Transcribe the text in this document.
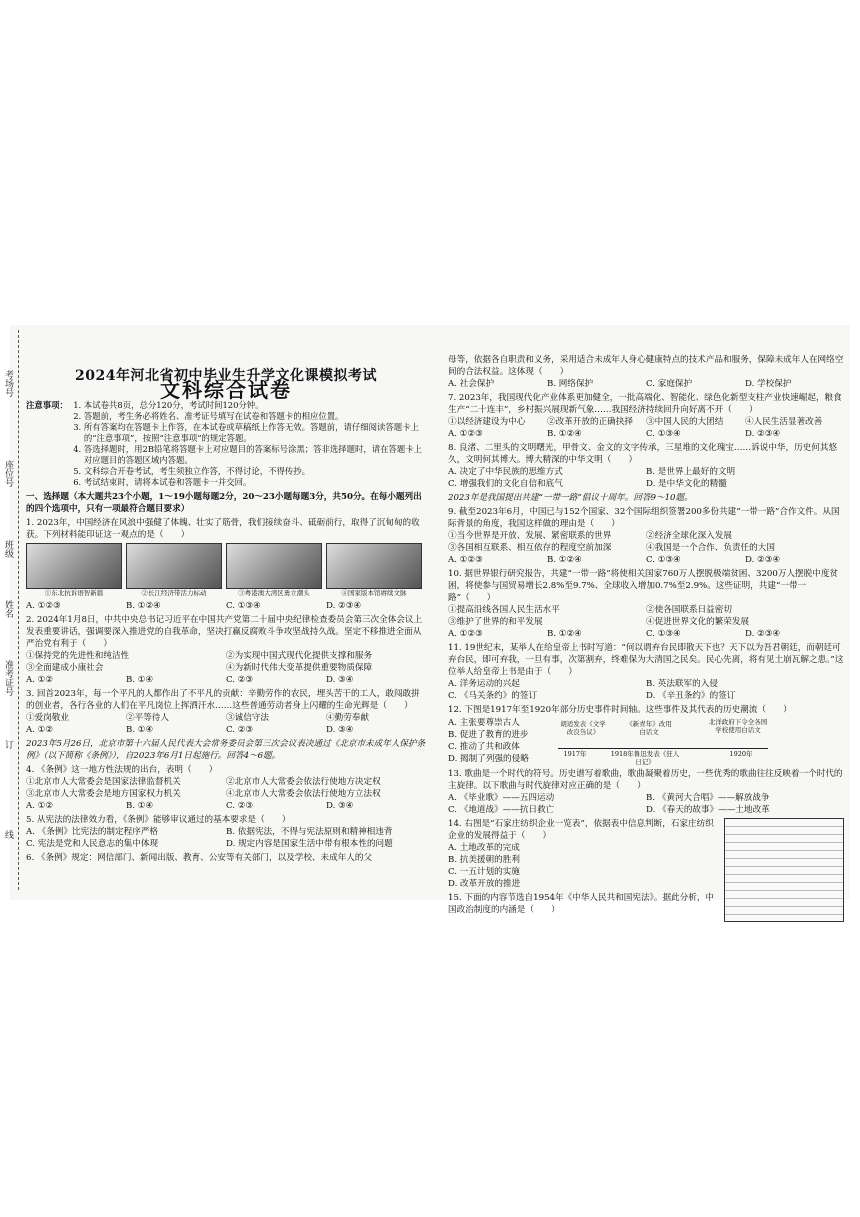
考场号
座位号
班级
姓名
准考证号
订
线
2024年河北省初中毕业生升学文化课模拟考试
文科综合试卷
注意事项：
1. 本试卷共8页，总分120分，考试时间120分钟。
2. 答题前，考生务必将姓名、准考证号填写在试卷和答题卡的相应位置。
3. 所有答案均在答题卡上作答，在本试卷或草稿纸上作答无效。答题前，请仔细阅读答题卡上的“注意事项”，按照“注意事项”的规定答题。
4. 答选择题时，用2B铅笔将答题卡上对应题目的答案标号涂黑；答非选择题时，请在答题卡上对应题目的答题区域内答题。
5. 文科综合开卷考试，考生须独立作答，不得讨论，不得传抄。
6. 考试结束时，请将本试卷和答题卡一并交回。
一、选择题（本大题共23个小题，1～19小题每题2分，20～23小题每题3分，共50分。在每小题列出的四个选项中，只有一项最符合题目要求）
1. 2023年，中国经济在风浪中强健了体魄、壮实了筋骨，我们接续奋斗、砥砺前行，取得了沉甸甸的收获。下列材料能印证这一观点的是（　　）
①东北抗诉语智新篇	②长江经济带活力标动	③粤港澳大湾区勇立潮头	④国家版本馆赓续文脉
A. ①②③	B. ①②④	C. ①③④	D. ②③④
2. 2024年1月8日，中共中央总书记习近平在中国共产党第二十届中央纪律检查委员会第三次全体会议上发表重要讲话，强调要深入推进党的自我革命，坚决打赢反腐败斗争攻坚战持久战。坚定不移推进全面从严治党有利于（　　）
①保持党的先进性和纯洁性	②为实现中国式现代化提供支撑和服务
③全面建成小康社会	④为新时代伟大变革提供重要物质保障
A. ①②	B. ①④	C. ②③	D. ③④
3. 回首2023年，每一个平凡的人都作出了不平凡的贡献：辛勤劳作的农民，埋头苦干的工人，敢闯敢拼的创业者，各行各业的人们在平凡岗位上挥洒汗水……这些普通劳动者身上闪耀的生命光辉是（　　）
①爱岗敬业	②平等待人	③诚信守法	④勤劳奉献
A. ①②	B. ①④	C. ②③	D. ③④
2023年5月26日，北京市第十六届人民代表大会常务委员会第三次会议表决通过《北京市未成年人保护条例》（以下简称《条例》），自2023年6月1日起施行。回答4～6题。
4. 《条例》这一地方性法规的出台，表明（　　）
①北京市人大常委会是国家法律监督机关	②北京市人大常委会依法行使地方决定权
③北京市人大常委会是地方国家权力机关	④北京市人大常委会依法行使地方立法权
A. ①②	B. ①④	C. ②③	D. ③④
5. 从宪法的法律效力看，《条例》能够审议通过的基本要求是（　　）
A. 《条例》比宪法的制定程序严格	B. 依据宪法，不得与宪法原则和精神相违背
C. 宪法是党和人民意志的集中体现	D. 规定内容是国家生活中带有根本性的问题
6. 《条例》规定：网信部门、新闻出版、教育、公安等有关部门，以及学校、未成年人的父
母等，依据各自职责和义务，采用适合未成年人身心健康特点的技术产品和服务，保障未成年人在网络空间的合法权益。这体现（　　）
A. 社会保护	B. 网络保护	C. 家庭保护	D. 学校保护
7. 2023年，我国现代化产业体系更加健全，一批高端化、智能化、绿色化新型支柱产业快速崛起，粮食生产“二十连丰”，乡村振兴展现新气象……我国经济持续回升向好离不开（　　）
①以经济建设为中心	②改革开放的正确抉择	③中国人民的大团结	④人民生活显著改善
A. ①②③	B. ①②④	C. ①③④	D. ②③④
8. 良渚、二里头的文明曙光，甲骨文、金文的文字传承，三星堆的文化瑰宝……诉说中华，历史何其悠久，文明何其博大。博大精深的中华文明（　　）
A. 决定了中华民族的思维方式	B. 是世界上最好的文明
C. 增强我们的文化自信和底气	D. 是中华文化的精髓
2023年是我国提出共建“一带一路”倡议十周年。回答9～10题。
9. 截至2023年6月，中国已与152个国家、32个国际组织签署200多份共建“一带一路”合作文件。从国际背景的角度，我国这样做的理由是（　　）
①当今世界是开放、发展、紧密联系的世界	②经济全球化深入发展
③各国相互联系、相互依存的程度空前加深	④我国是一个合作、负责任的大国
A. ①②③	B. ①②④	C. ①③④	D. ②③④
10. 据世界银行研究报告，共建“一带一路”将使相关国家760万人摆脱极端贫困、3200万人摆脱中度贫困，将使参与国贸易增长2.8%至9.7%、全球收入增加0.7%至2.9%。这些证明，共建“一带一路”（　　）
①提高沿线各国人民生活水平	②使各国联系日益密切
③维护了世界的和平发展	④促进世界文化的繁荣发展
A. ①②③	B. ①②④	C. ①③④	D. ②③④
11. 19世纪末，某举人在给皇帝上书时写道：“何以谓弃台民即散天下也？天下以为吾君朝廷，而朝廷可弃台民，即可弃我，一旦有事，次第割弃，终难保为大清国之民矣。民心先离，将有见土崩瓦解之患。”这位举人给皇帝上书是由于（　　）
A. 洋务运动的兴起	B. 英法联军的入侵
C. 《马关条约》的签订	D. 《辛丑条约》的签订
12. 下图是1917年至1920年部分历史事件时间轴。这些事件及其代表的历史潮流（　　）
A. 主张要尊崇古人
B. 促进了教育的进步
C. 推动了共和政体
D. 揭制了列强的侵略
胡适发表《文学改良刍议》
《新青年》改用白话文
北洋政府下令全各国学校使用白话文
1917年	1918年鲁迅发表《狂人日记》
1920年
13. 歌曲是一个时代的符号。历史谱写着歌曲，歌曲凝聚着历史，一些优秀的歌曲往往反映着一个时代的主旋律。以下歌曲与时代旋律对应正确的是（　　）
A. 《毕业歌》——五四运动	B. 《黄河大合唱》——解放战争
C. 《地道战》——抗日救亡	D. 《春天的故事》——土地改革
14. 右图是“石家庄纺织企业一览表”，依据表中信息判断，石家庄纺织企业的发展得益于（　　）
A. 土地改革的完成
B. 抗美援朝的胜利
C. 一五计划的实施
D. 改革开放的推进
15. 下面的内容节选自1954年《中华人民共和国宪法》。据此分析，中国政治制度的内涵是（　　）
